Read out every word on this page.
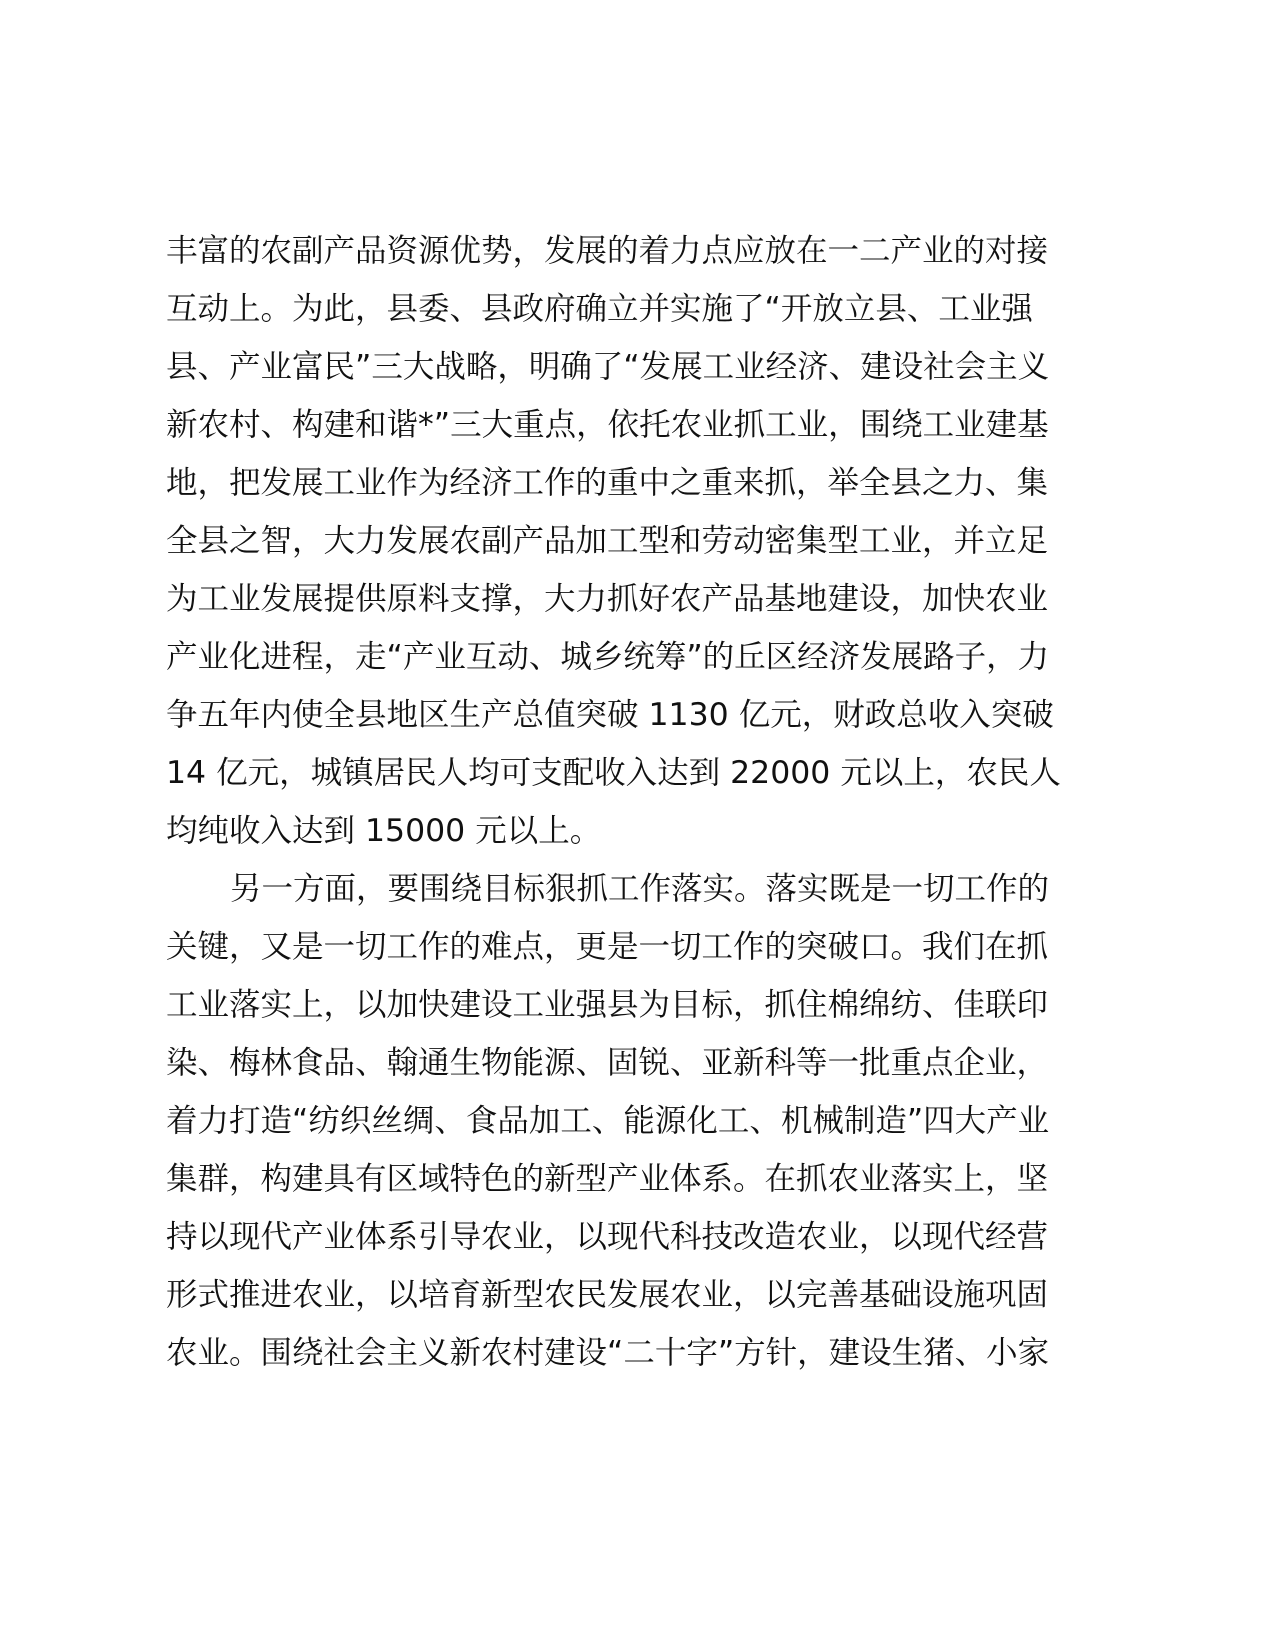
丰富的农副产品资源优势，发展的着力点应放在一二产业的对接
互动上。为此，县委、县政府确立并实施了“开放立县、工业强
县、产业富民”三大战略，明确了“发展工业经济、建设社会主义
新农村、构建和谐*”三大重点，依托农业抓工业，围绕工业建基
地，把发展工业作为经济工作的重中之重来抓，举全县之力、集
全县之智，大力发展农副产品加工型和劳动密集型工业，并立足
为工业发展提供原料支撑，大力抓好农产品基地建设，加快农业
产业化进程，走“产业互动、城乡统筹”的丘区经济发展路子，力
争五年内使全县地区生产总值突破 1130 亿元，财政总收入突破
14 亿元，城镇居民人均可支配收入达到 22000 元以上，农民人
均纯收入达到 15000 元以上。
另一方面，要围绕目标狠抓工作落实。落实既是一切工作的
关键，又是一切工作的难点，更是一切工作的突破口。我们在抓
工业落实上，以加快建设工业强县为目标，抓住棉绵纺、佳联印
染、梅林食品、翰通生物能源、固锐、亚新科等一批重点企业，
着力打造“纺织丝绸、食品加工、能源化工、机械制造”四大产业
集群，构建具有区域特色的新型产业体系。在抓农业落实上，坚
持以现代产业体系引导农业，以现代科技改造农业，以现代经营
形式推进农业，以培育新型农民发展农业，以完善基础设施巩固
农业。围绕社会主义新农村建设“二十字”方针，建设生猪、小家
